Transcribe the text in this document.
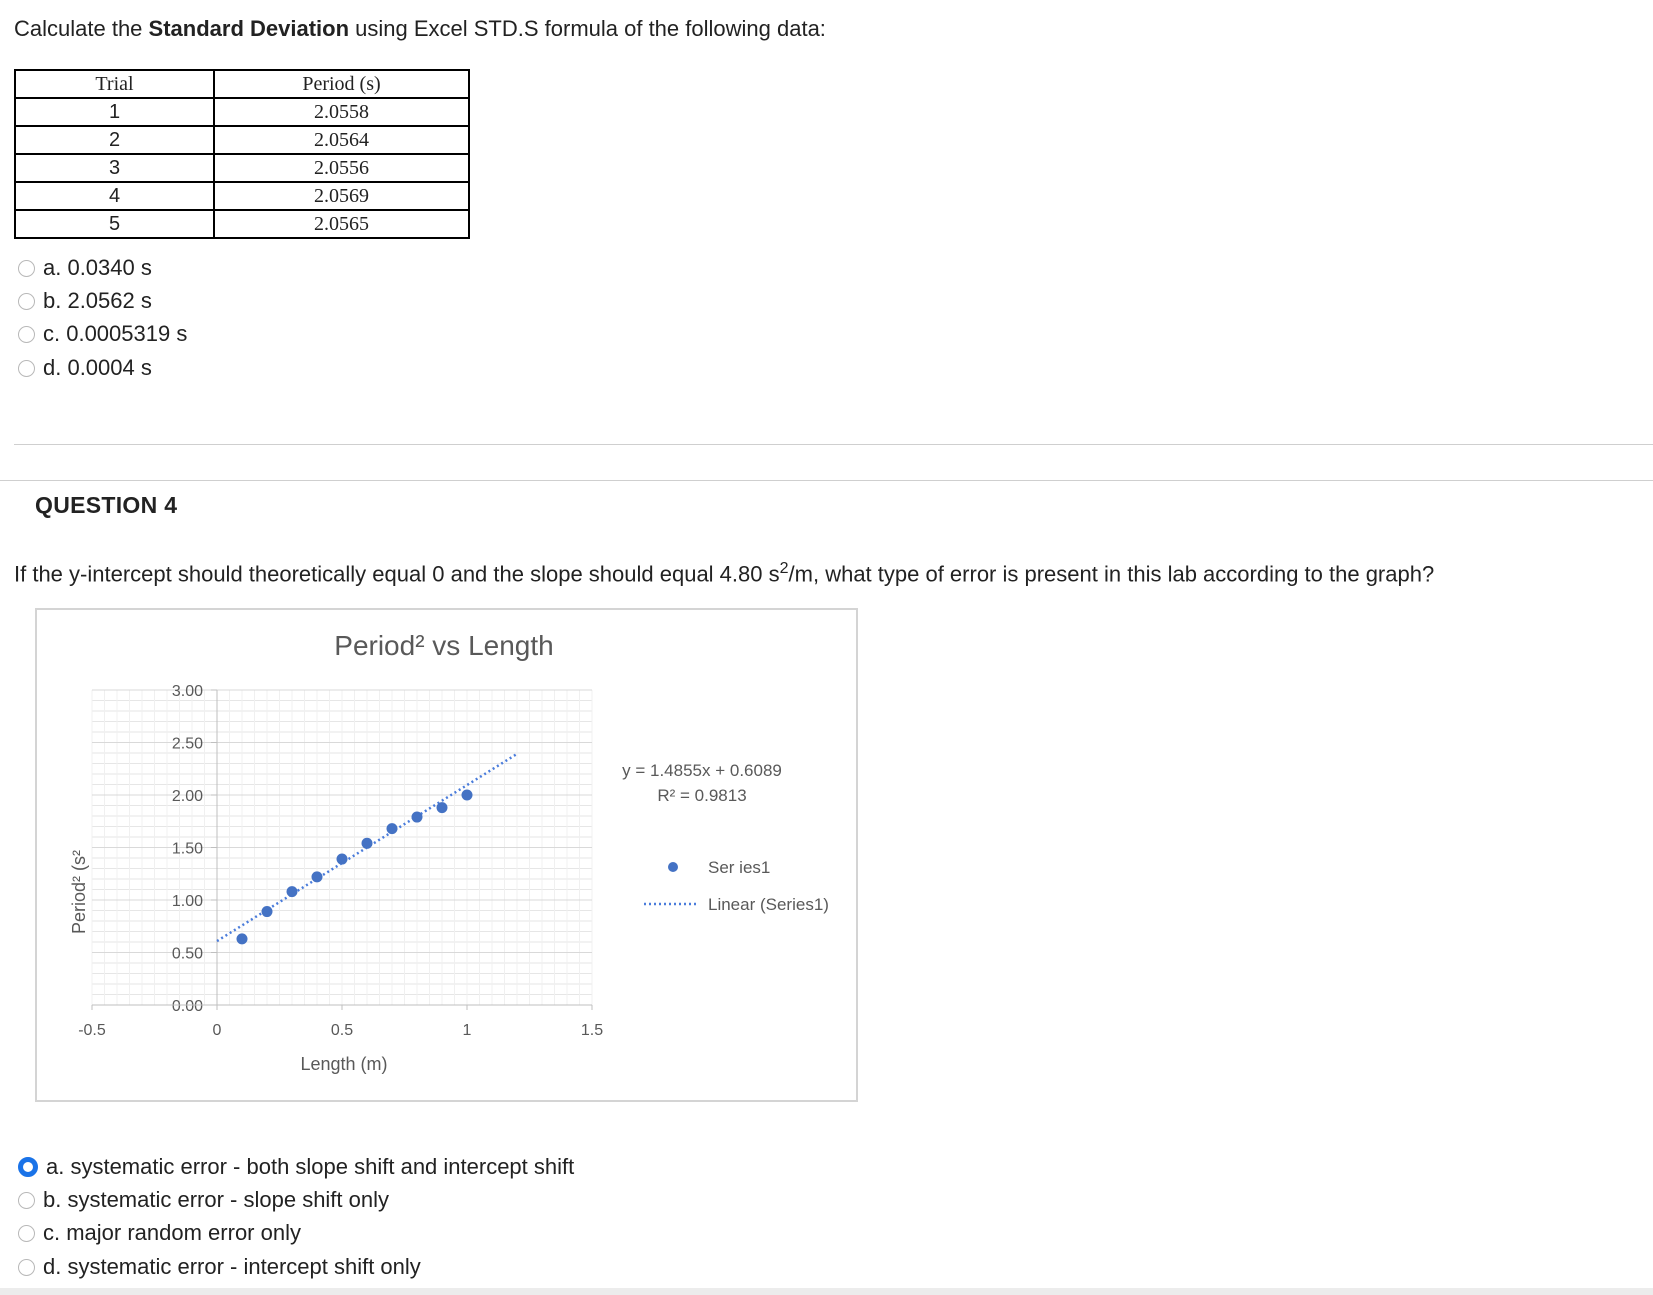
Calculate the Standard Deviation using Excel STD.S formula of the following data:
Trial	Period (s)
1	2.0558
2	2.0564
3	2.0556
4	2.0569
5	2.0565
a. 0.0340 s
b. 2.0562 s
c. 0.0005319 s
d. 0.0004 s
QUESTION 4
If the y-intercept should theoretically equal 0 and the slope should equal 4.80 $s^2/m$, what type of error is present in this lab according to the graph?
0.00
0.50
1.00
1.50
2.00
2.50
3.00
-0.5	0	0.5	1	1.5
Period² vs Length
Period² (s²
Length (m)
y = 1.4855x + 0.6089
R² = 0.9813
Ser ies1
Linear (Series1)
a. systematic error - both slope shift and intercept shift
b. systematic error - slope shift only
c. major random error only
d. systematic error - intercept shift only
